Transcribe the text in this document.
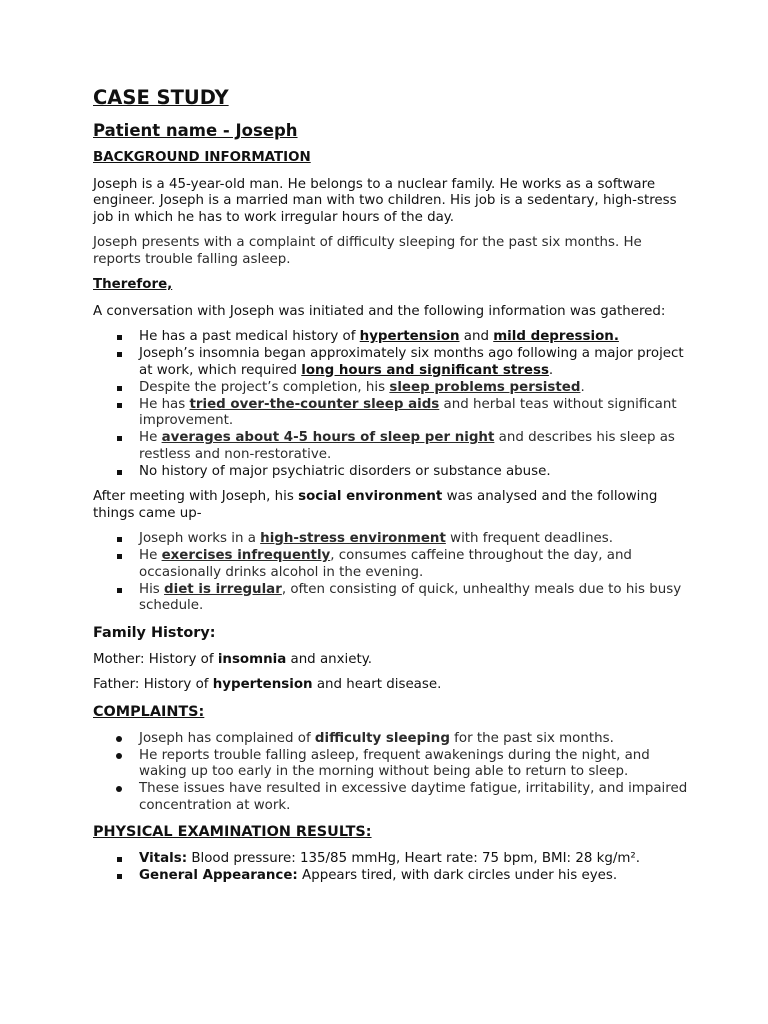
CASE STUDY
Patient name - Joseph
BACKGROUND INFORMATION

Joseph is a 45-year-old man. He belongs to a nuclear family. He works as a software engineer. Joseph is a married man with two children. His job is a sedentary, high-stress job in which he has to work irregular hours of the day.

Joseph presents with a complaint of difficulty sleeping for the past six months. He reports trouble falling asleep.

Therefore,

A conversation with Joseph was initiated and the following information was gathered:

He has a past medical history of hypertension and mild depression.
Joseph’s insomnia began approximately six months ago following a major project at work, which required long hours and significant stress.
Despite the project’s completion, his sleep problems persisted.
He has tried over-the-counter sleep aids and herbal teas without significant improvement.
He averages about 4-5 hours of sleep per night and describes his sleep as restless and non-restorative.
No history of major psychiatric disorders or substance abuse.

After meeting with Joseph, his social environment was analysed and the following things came up-

Joseph works in a high-stress environment with frequent deadlines.
He exercises infrequently, consumes caffeine throughout the day, and occasionally drinks alcohol in the evening.
His diet is irregular, often consisting of quick, unhealthy meals due to his busy schedule.
Family History:

Mother: History of insomnia and anxiety.

Father: History of hypertension and heart disease.

COMPLAINTS:
Joseph has complained of difficulty sleeping for the past six months.
He reports trouble falling asleep, frequent awakenings during the night, and waking up too early in the morning without being able to return to sleep.
These issues have resulted in excessive daytime fatigue, irritability, and impaired concentration at work.
PHYSICAL EXAMINATION RESULTS:
Vitals: Blood pressure: 135/85 mmHg, Heart rate: 75 bpm, BMI: 28 kg/m².
General Appearance: Appears tired, with dark circles under his eyes.
